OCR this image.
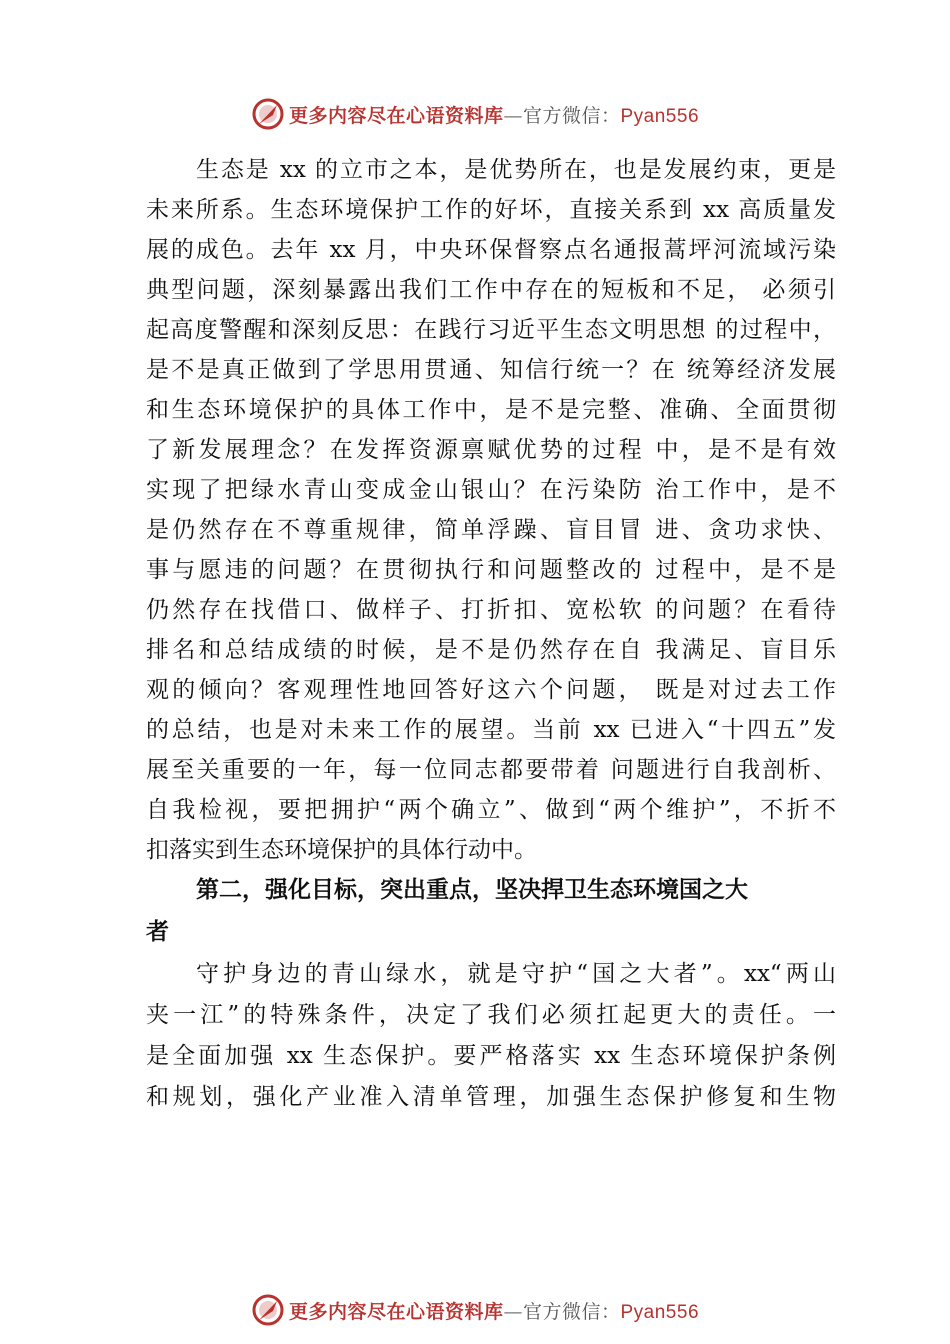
更多内容尽在心语资料库—官方微信：Pyan556
生态是 xx 的立市之本，是优势所在，也是发展约束，更是
未来所系。生态环境保护工作的好坏，直接关系到 xx 高质量发
展的成色。去年 xx 月，中央环保督察点名通报蒿坪河流域污染
典型问题，深刻暴露出我们工作中存在的短板和不足， 必须引
起高度警醒和深刻反思：在践行习近平生态文明思想 的过程中，
是不是真正做到了学思用贯通、知信行统一？在 统筹经济发展
和生态环境保护的具体工作中，是不是完整、准确、全面贯彻
了新发展理念？在发挥资源禀赋优势的过程 中，是不是有效
实现了把绿水青山变成金山银山？在污染防 治工作中，是不
是仍然存在不尊重规律，简单浮躁、盲目冒 进、贪功求快、
事与愿违的问题？在贯彻执行和问题整改的 过程中，是不是
仍然存在找借口、做样子、打折扣、宽松软 的问题？在看待
排名和总结成绩的时候，是不是仍然存在自 我满足、盲目乐
观的倾向？客观理性地回答好这六个问题， 既是对过去工作
的总结，也是对未来工作的展望。当前 xx 已进入“十四五”发
展至关重要的一年，每一位同志都要带着 问题进行自我剖析、
自我检视，要把拥护“两个确立”、做到“两个维护”，不折不
扣落实到生态环境保护的具体行动中。
第二，强化目标，突出重点，坚决捍卫生态环境国之大
者
守护身边的青山绿水，就是守护“国之大者”。xx“两山
夹一江”的特殊条件，决定了我们必须扛起更大的责任。一
是全面加强 xx 生态保护。要严格落实 xx 生态环境保护条例
和规划，强化产业准入清单管理，加强生态保护修复和生物
更多内容尽在心语资料库—官方微信：Pyan556
